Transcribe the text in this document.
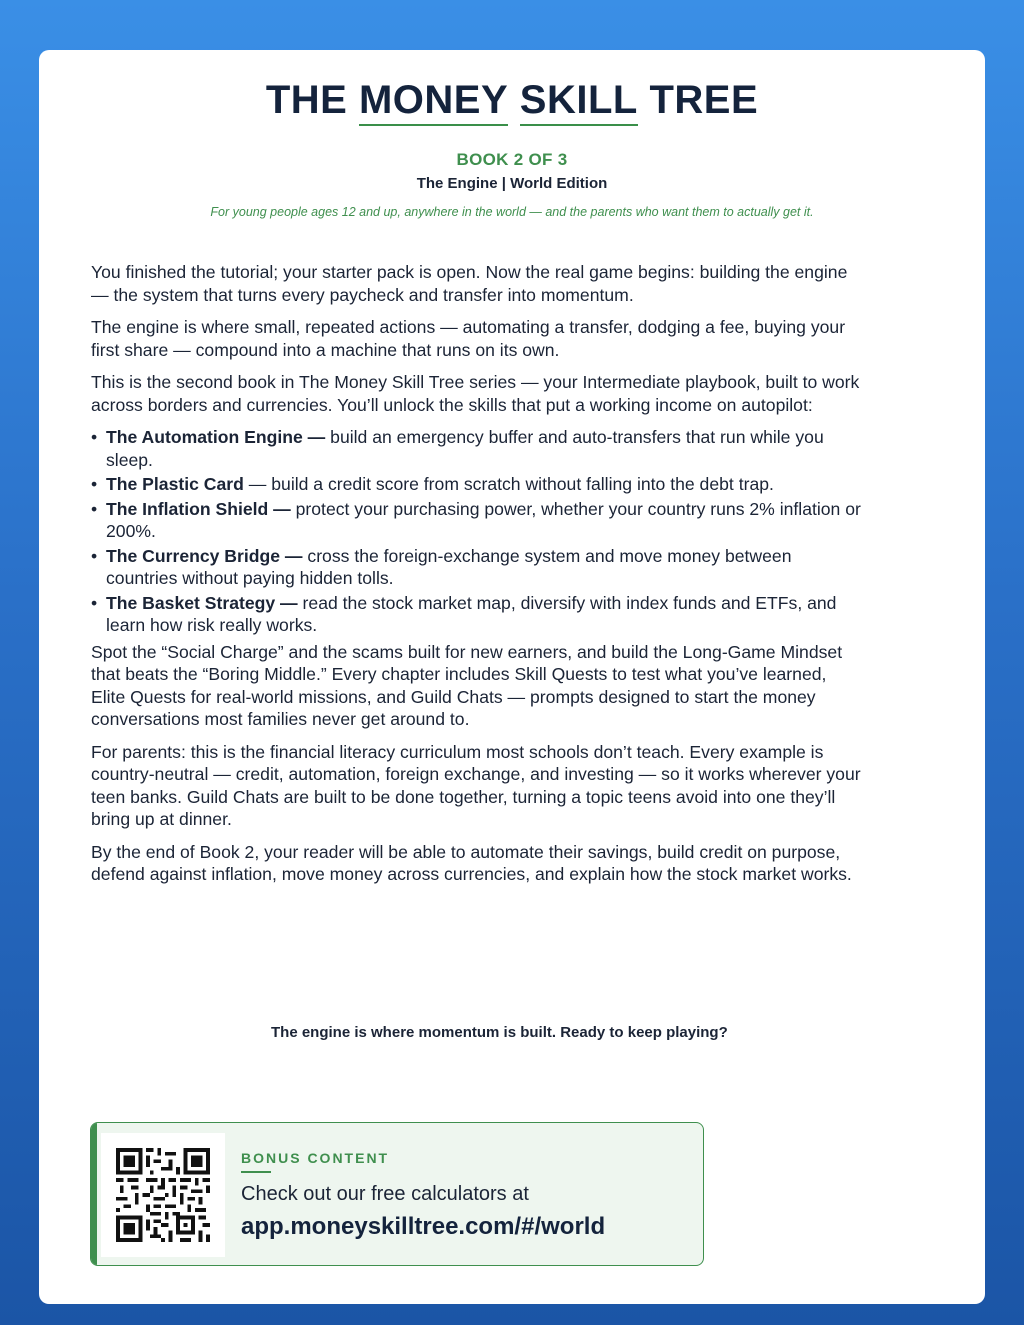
THE MONEY SKILL TREE
BOOK 2 OF 3
The Engine | World Edition
For young people ages 12 and up, anywhere in the world — and the parents who want them to actually get it.

You finished the tutorial; your starter pack is open. Now the real game begins: building the engine — the system that turns every paycheck and transfer into momentum.

The engine is where small, repeated actions — automating a transfer, dodging a fee, buying your first share — compound into a machine that runs on its own.

This is the second book in The Money Skill Tree series — your Intermediate playbook, built to work across borders and currencies. You’ll unlock the skills that put a working income on autopilot:

• The Automation Engine — build an emergency buffer and auto-transfers that run while you sleep.
• The Plastic Card — build a credit score from scratch without falling into the debt trap.
• The Inflation Shield — protect your purchasing power, whether your country runs 2% inflation or 200%.
• The Currency Bridge — cross the foreign-exchange system and move money between countries without paying hidden tolls.
• The Basket Strategy — read the stock market map, diversify with index funds and ETFs, and learn how risk really works.

Spot the “Social Charge” and the scams built for new earners, and build the Long-Game Mindset that beats the “Boring Middle.” Every chapter includes Skill Quests to test what you’ve learned, Elite Quests for real-world missions, and Guild Chats — prompts designed to start the money conversations most families never get around to.

For parents: this is the financial literacy curriculum most schools don’t teach. Every example is country-neutral — credit, automation, foreign exchange, and investing — so it works wherever your teen banks. Guild Chats are built to be done together, turning a topic teens avoid into one they’ll bring up at dinner.

By the end of Book 2, your reader will be able to automate their savings, build credit on purpose, defend against inflation, move money across currencies, and explain how the stock market works.

The engine is where momentum is built. Ready to keep playing?
BONUS CONTENT
Check out our free calculators at
app.moneyskilltree.com/#/world
